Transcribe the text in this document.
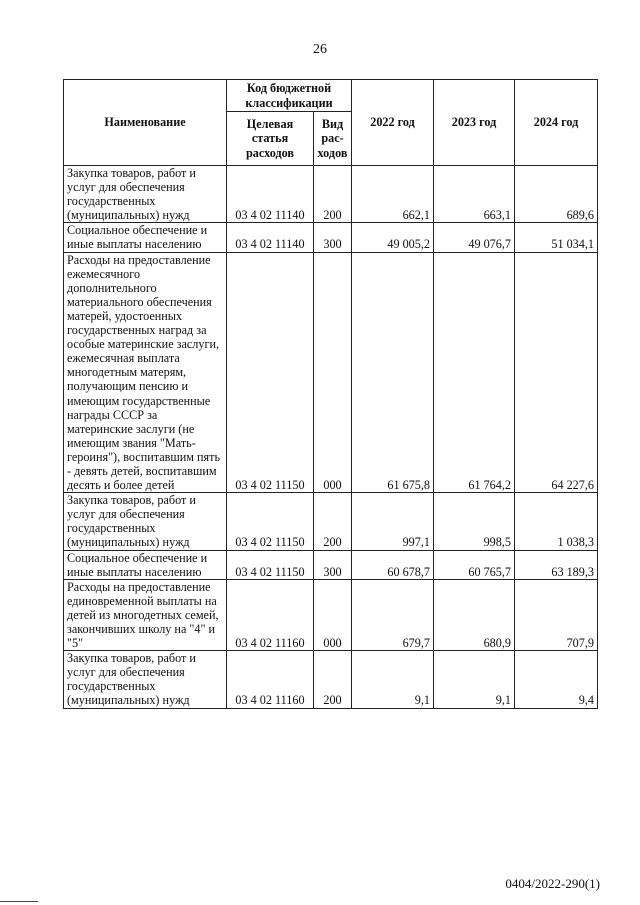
26
Наименование	Код бюджетной классификации		2022 год	2023 год	2024 год
	Целевая статья расходов	Вид рас-ходов			
Закупка товаров, работ и услуг для обеспечения государственных (муниципальных) нужд	03 4 02 11140	200	662,1	663,1	689,6
Социальное обеспечение и иные выплаты населению	03 4 02 11140	300	49 005,2	49 076,7	51 034,1
Расходы на предоставление ежемесячного дополнительного материального обеспечения матерей, удостоенных государственных наград за особые материнские заслуги, ежемесячная выплата многодетным матерям, получающим пенсию и имеющим государственные награды СССР за материнские заслуги (не имеющим звания "Мать-героиня"), воспитавшим пять - девять детей, воспитавшим десять и более детей	03 4 02 11150	000	61 675,8	61 764,2	64 227,6
Закупка товаров, работ и услуг для обеспечения государственных (муниципальных) нужд	03 4 02 11150	200	997,1	998,5	1 038,3
Социальное обеспечение и иные выплаты населению	03 4 02 11150	300	60 678,7	60 765,7	63 189,3
Расходы на предоставление единовременной выплаты на детей из многодетных семей, закончивших школу на "4" и "5"	03 4 02 11160	000	679,7	680,9	707,9
Закупка товаров, работ и услуг для обеспечения государственных (муниципальных) нужд	03 4 02 11160	200	9,1	9,1	9,4
0404/2022-290(1)
